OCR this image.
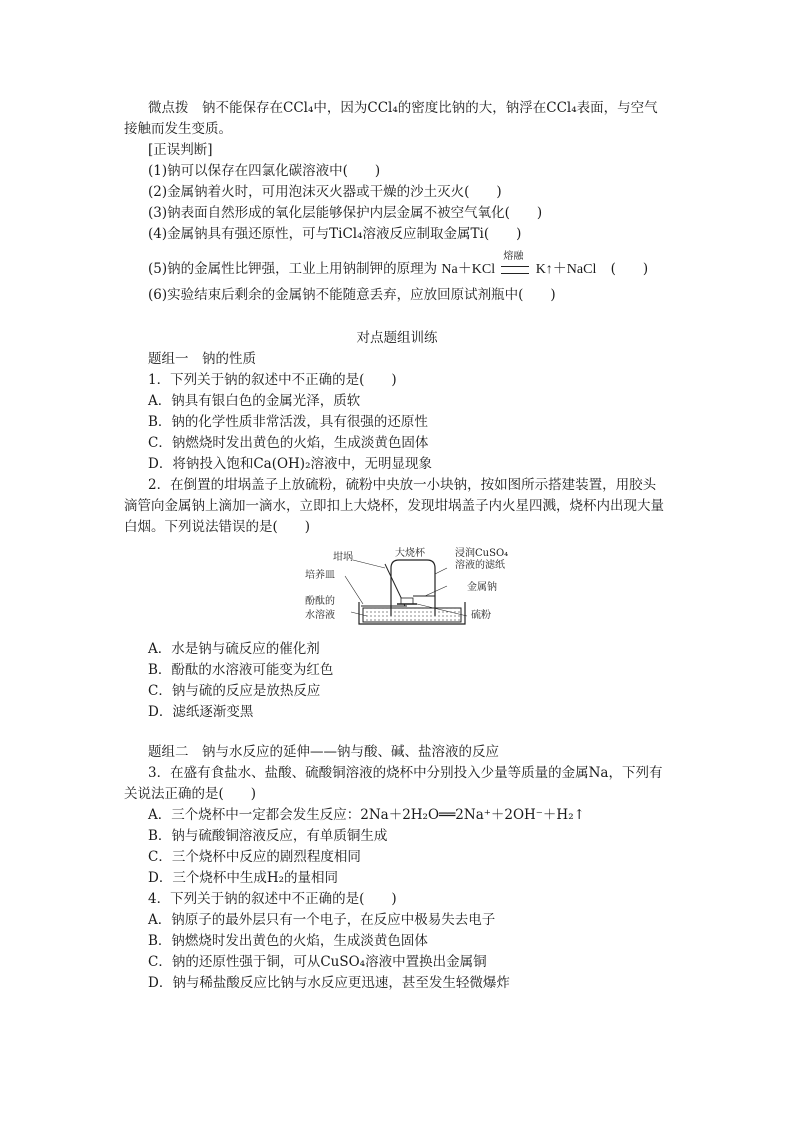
微点拨　钠不能保存在CCl₄中，因为CCl₄的密度比钠的大，钠浮在CCl₄表面，与空气
接触而发生变质。
[正误判断]
(1)钠可以保存在四氯化碳溶液中(　　)
(2)金属钠着火时，可用泡沫灭火器或干燥的沙土灭火(　　)
(3)钠表面自然形成的氧化层能够保护内层金属不被空气氧化(　　)
(4)金属钠具有强还原性，可与TiCl₄溶液反应制取金属Ti(　　)
(5)钠的金属性比钾强，工业上用钠制钾的原理为 Na＋KCl
熔融
K↑＋NaCl (　　)
(6)实验结束后剩余的金属钠不能随意丢弃，应放回原试剂瓶中(　　)
对点题组训练
题组一　钠的性质
1．下列关于钠的叙述中不正确的是(　　)
A．钠具有银白色的金属光泽，质软
B．钠的化学性质非常活泼，具有很强的还原性
C．钠燃烧时发出黄色的火焰，生成淡黄色固体
D．将钠投入饱和Ca(OH)₂溶液中，无明显现象
2．在倒置的坩埚盖子上放硫粉，硫粉中央放一小块钠，按如图所示搭建装置，用胶头
滴管向金属钠上滴加一滴水，立即扣上大烧杯，发现坩埚盖子内火星四溅，烧杯内出现大量
白烟。下列说法错误的是(　　)
坩埚	大烧杯	浸润CuSO₄
溶液的滤纸
培养皿
金属钠
酚酞的
水溶液	硫粉
A．水是钠与硫反应的催化剂
B．酚酞的水溶液可能变为红色
C．钠与硫的反应是放热反应
D．滤纸逐渐变黑
题组二　钠与水反应的延伸——钠与酸、碱、盐溶液的反应
3．在盛有食盐水、盐酸、硫酸铜溶液的烧杯中分别投入少量等质量的金属Na，下列有
关说法正确的是(　　)
A．三个烧杯中一定都会发生反应：2Na＋2H₂O══2Na⁺＋2OH⁻＋H₂↑
B．钠与硫酸铜溶液反应，有单质铜生成
C．三个烧杯中反应的剧烈程度相同
D．三个烧杯中生成H₂的量相同
4．下列关于钠的叙述中不正确的是(　　)
A．钠原子的最外层只有一个电子，在反应中极易失去电子
B．钠燃烧时发出黄色的火焰，生成淡黄色固体
C．钠的还原性强于铜，可从CuSO₄溶液中置换出金属铜
D．钠与稀盐酸反应比钠与水反应更迅速，甚至发生轻微爆炸
